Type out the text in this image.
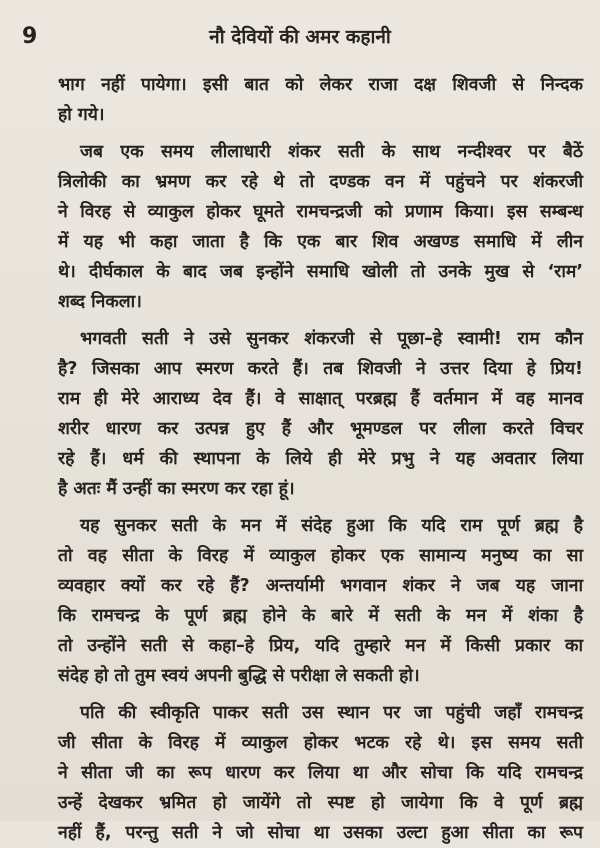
9	नौ देवियों की अमर कहानी
भाग नहीं पायेगा। इसी बात को लेकर राजा दक्ष शिवजी से निन्दक
हो गये।
जब एक समय लीलाधारी शंकर सती के साथ नन्दीश्वर पर बैठें
त्रिलोकी का भ्रमण कर रहे थे तो दण्डक वन में पहुंचने पर शंकरजी
ने विरह से व्याकुल होकर घूमते रामचन्द्रजी को प्रणाम किया। इस सम्बन्ध
में यह भी कहा जाता है कि एक बार शिव अखण्ड समाधि में लीन
थे। दीर्घकाल के बाद जब इन्होंने समाधि खोली तो उनके मुख से ‘राम’
शब्द निकला।
भगवती सती ने उसे सुनकर शंकरजी से पूछा–हे स्वामी! राम कौन
है? जिसका आप स्मरण करते हैं। तब शिवजी ने उत्तर दिया हे प्रिय!
राम ही मेरे आराध्य देव हैं। वे साक्षात् परब्रह्म हैं वर्तमान में वह मानव
शरीर धारण कर उत्पन्न हुए हैं और भूमण्डल पर लीला करते विचर
रहे हैं। धर्म की स्थापना के लिये ही मेरे प्रभु ने यह अवतार लिया
है अतः मैं उन्हीं का स्मरण कर रहा हूं।
यह सुनकर सती के मन में संदेह हुआ कि यदि राम पूर्ण ब्रह्म है
तो वह सीता के विरह में व्याकुल होकर एक सामान्य मनुष्य का सा
व्यवहार क्यों कर रहे हैं? अन्तर्यामी भगवान शंकर ने जब यह जाना
कि रामचन्द्र के पूर्ण ब्रह्म होने के बारे में सती के मन में शंका है
तो उन्होंने सती से कहा–हे प्रिय, यदि तुम्हारे मन में किसी प्रकार का
संदेह हो तो तुम स्वयं अपनी बुद्धि से परीक्षा ले सकती हो।
पति की स्वीकृति पाकर सती उस स्थान पर जा पहुंची जहाँ रामचन्द्र
जी सीता के विरह में व्याकुल होकर भटक रहे थे। इस समय सती
ने सीता जी का रूप धारण कर लिया था और सोचा कि यदि रामचन्द्र
उन्हें देखकर भ्रमित हो जायेंगे तो स्पष्ट हो जायेगा कि वे पूर्ण ब्रह्म
नहीं हैं, परन्तु सती ने जो सोचा था उसका उल्टा हुआ सीता का रूप
